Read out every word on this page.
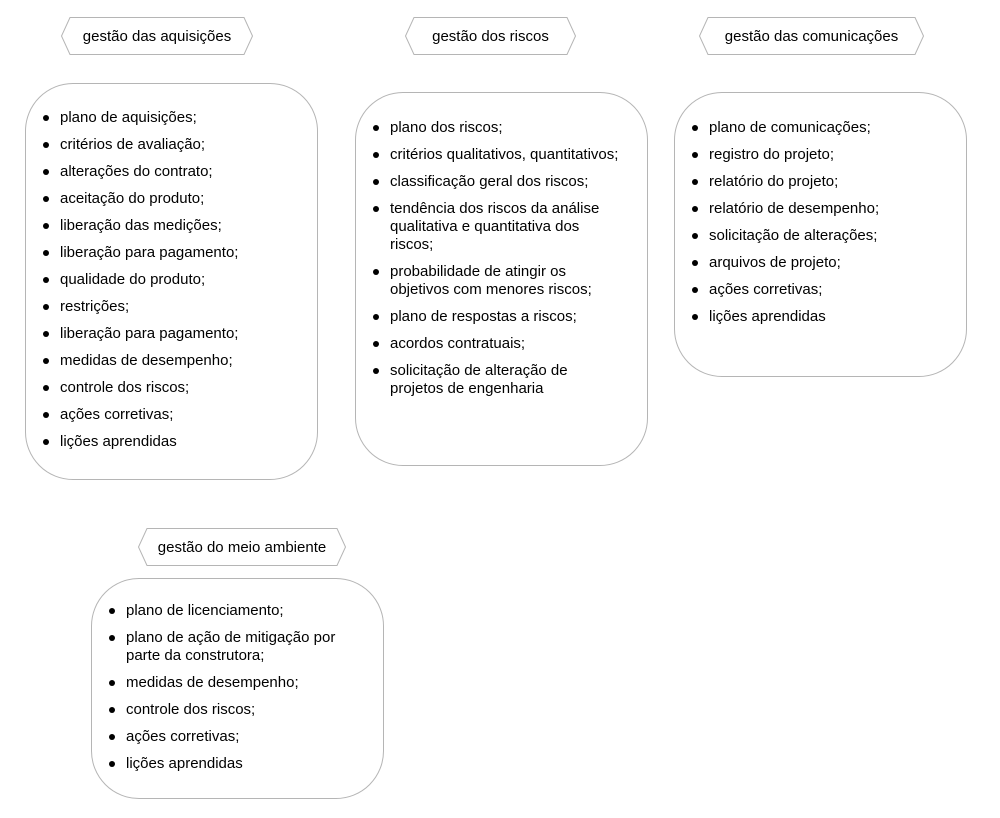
gestão das aquisições
plano de aquisições;
critérios de avaliação;
alterações do contrato;
aceitação do produto;
liberação das medições;
liberação para pagamento;
qualidade do produto;
restrições;
liberação para pagamento;
medidas de desempenho;
controle dos riscos;
ações corretivas;
lições aprendidas
gestão dos riscos
plano dos riscos;
critérios qualitativos, quantitativos;
classificação geral dos riscos;
tendência dos riscos da análise qualitativa e quantitativa dos riscos;
probabilidade de atingir os objetivos com menores riscos;
plano de respostas a riscos;
acordos contratuais;
solicitação de alteração de projetos de engenharia
gestão das comunicações
plano de comunicações;
registro do projeto;
relatório do projeto;
relatório de desempenho;
solicitação de alterações;
arquivos de projeto;
ações corretivas;
lições aprendidas
gestão do meio ambiente
plano de licenciamento;
plano de ação de mitigação por parte da construtora;
medidas de desempenho;
controle dos riscos;
ações corretivas;
lições aprendidas
